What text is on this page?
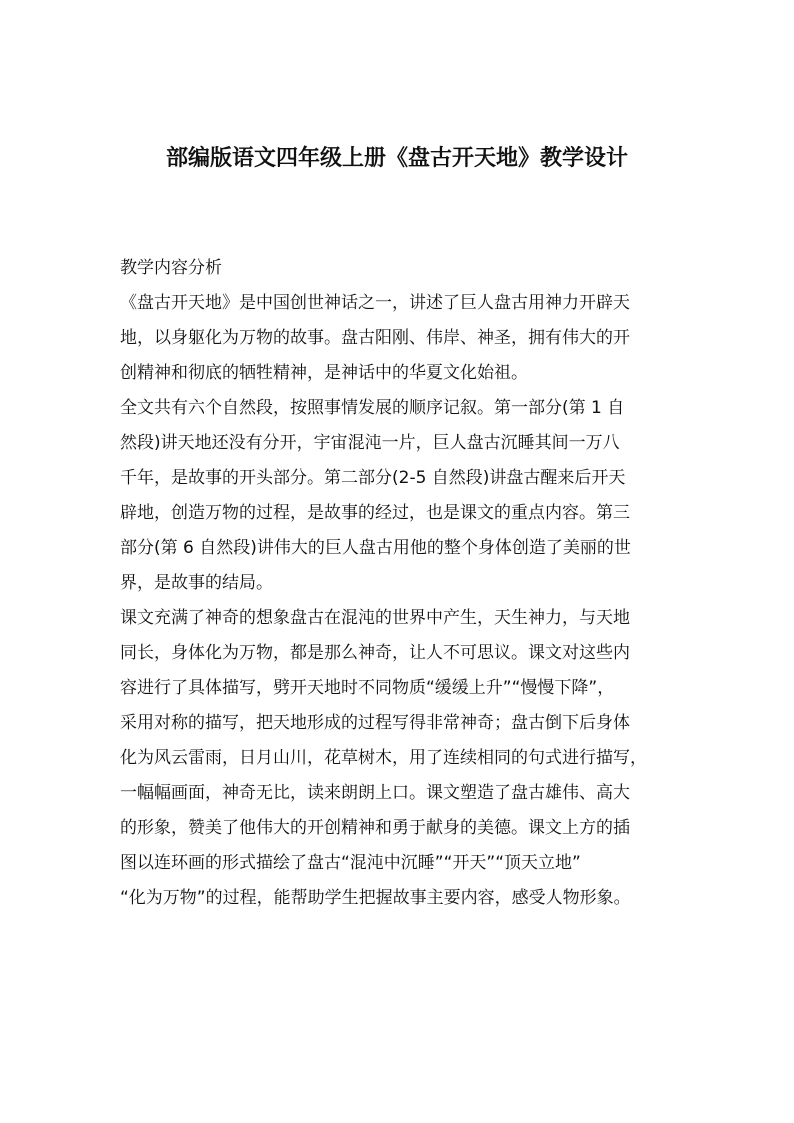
部编版语文四年级上册《盘古开天地》教学设计
教学内容分析

《盘古开天地》是中国创世神话之一，讲述了巨人盘古用神力开辟天
地，以身躯化为万物的故事。盘古阳刚、伟岸、神圣，拥有伟大的开
创精神和彻底的牺牲精神，是神话中的华夏文化始祖。

全文共有六个自然段，按照事情发展的顺序记叙。第一部分(第 1 自
然段)讲天地还没有分开，宇宙混沌一片，巨人盘古沉睡其间一万八
千年，是故事的开头部分。第二部分(2-5 自然段)讲盘古醒来后开天
辟地，创造万物的过程，是故事的经过，也是课文的重点内容。第三
部分(第 6 自然段)讲伟大的巨人盘古用他的整个身体创造了美丽的世
界，是故事的结局。

课文充满了神奇的想象盘古在混沌的世界中产生，天生神力，与天地
同长，身体化为万物，都是那么神奇，让人不可思议。课文对这些内
容进行了具体描写，劈开天地时不同物质“缓缓上升”“慢慢下降”，
采用对称的描写，把天地形成的过程写得非常神奇；盘古倒下后身体
化为风云雷雨，日月山川，花草树木，用了连续相同的句式进行描写，
一幅幅画面，神奇无比，读来朗朗上口。课文塑造了盘古雄伟、高大
的形象，赞美了他伟大的开创精神和勇于献身的美德。课文上方的插
图以连环画的形式描绘了盘古“混沌中沉睡”“开天”“顶天立地”
“化为万物”的过程，能帮助学生把握故事主要内容，感受人物形象。
